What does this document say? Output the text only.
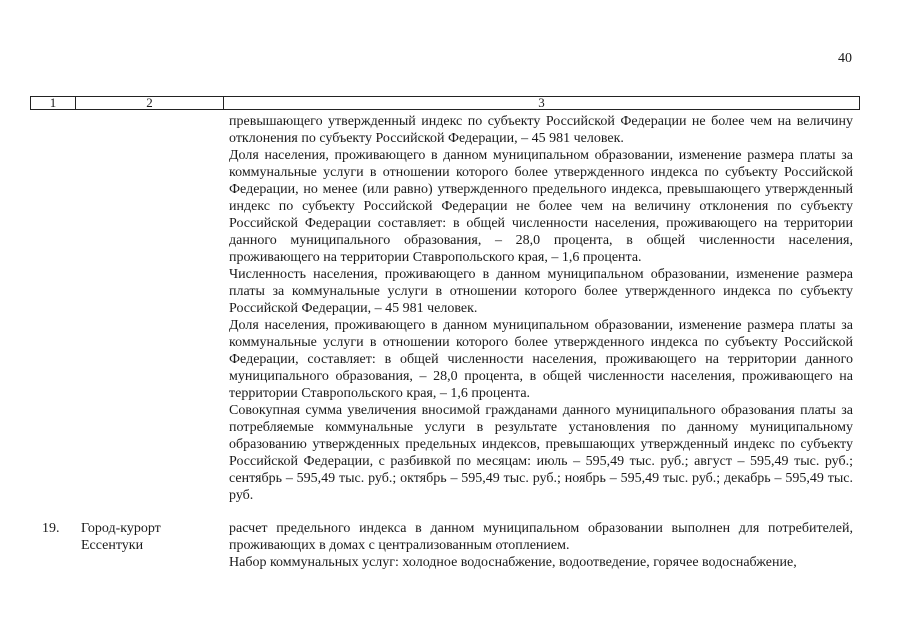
40
1	2	3

превышающего утвержденный индекс по субъекту Российской Федерации не более чем на величину отклонения по субъекту Российской Федерации, – 45 981 человек.

Доля населения, проживающего в данном муниципальном образовании, изменение размера платы за коммунальные услуги в отношении которого более утвержденного индекса по субъекту Российской Федерации, но менее (или равно) утвержденного предельного индекса, превышающего утвержденный индекс по субъекту Российской Федерации не более чем на величину отклонения по субъекту Российской Федерации составляет: в общей численности населения, проживающего на территории данного муниципального образования, – 28,0 процента, в общей численности населения, проживающего на территории Ставропольского края, – 1,6 процента.

Численность населения, проживающего в данном муниципальном образовании, изменение размера платы за коммунальные услуги в отношении которого более утвержденного индекса по субъекту Российской Федерации, – 45 981 человек.

Доля населения, проживающего в данном муниципальном образовании, изменение размера платы за коммунальные услуги в отношении которого более утвержденного индекса по субъекту Российской Федерации, составляет: в общей численности населения, проживающего на территории данного муниципального образования, – 28,0 процента, в общей численности населения, проживающего на территории Ставропольского края, – 1,6 процента.

Совокупная сумма увеличения вносимой гражданами данного муниципального образования платы за потребляемые коммунальные услуги в результате установления по данному муниципальному образованию утвержденных предельных индексов, превышающих утвержденный индекс по субъекту Российской Федерации, с разбивкой по месяцам: июль – 595,49 тыс. руб.; август – 595,49 тыс. руб.; сентябрь – 595,49 тыс. руб.; октябрь – 595,49 тыс. руб.; ноябрь – 595,49 тыс. руб.; декабрь – 595,49 тыс. руб.

19. Город-курорт Ессентуки

расчет предельного индекса в данном муниципальном образовании выполнен для потребителей, проживающих в домах с централизованным отоплением.

Набор коммунальных услуг: холодное водоснабжение, водоотведение, горячее водоснабжение,
